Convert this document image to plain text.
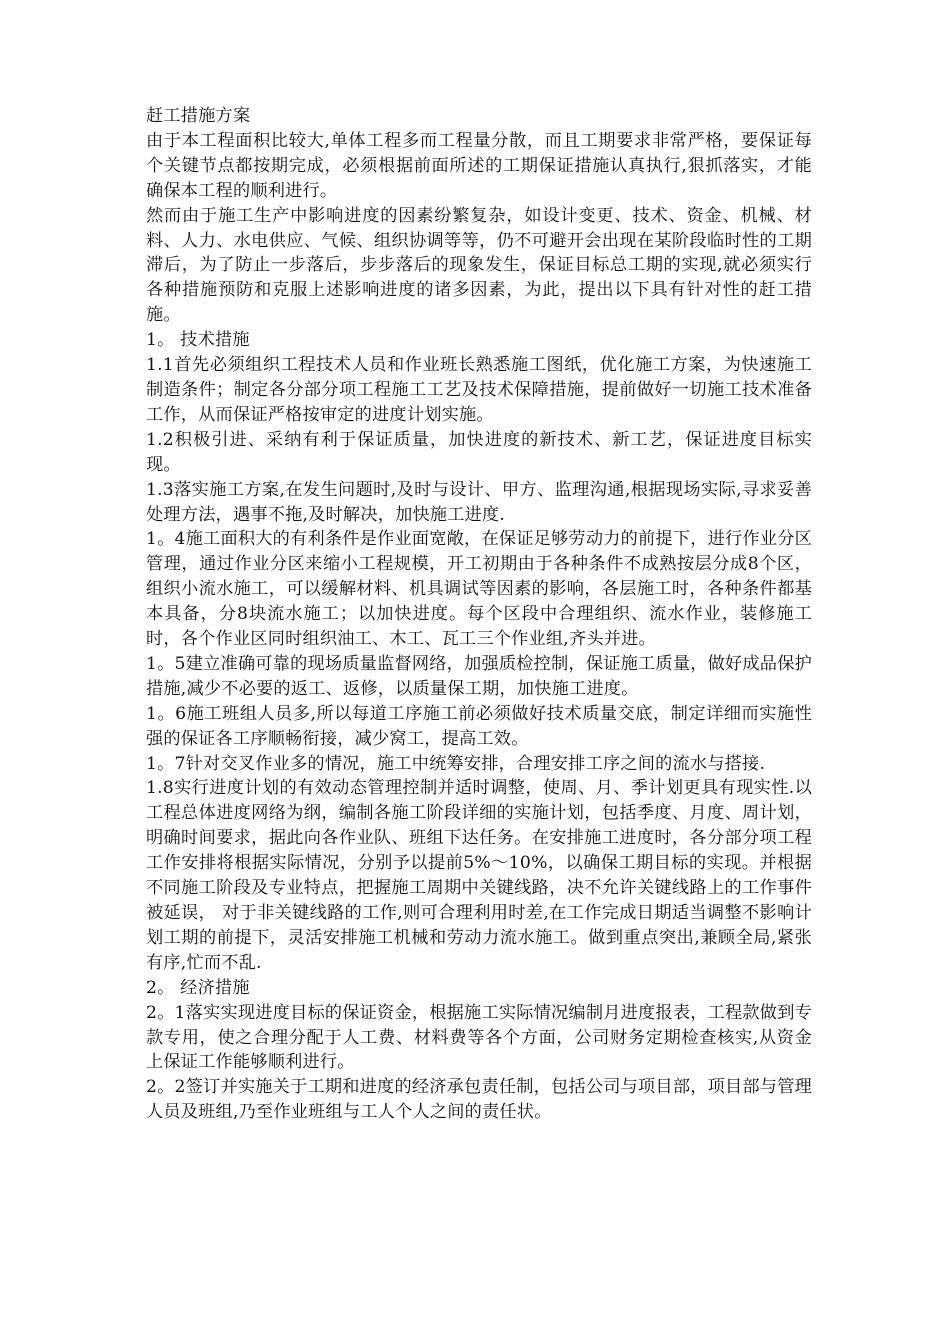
赶工措施方案

由于本工程面积比较大,单体工程多而工程量分散，而且工期要求非常严格，要保证每个关键节点都按期完成，必须根据前面所述的工期保证措施认真执行,狠抓落实，才能确保本工程的顺利进行。

然而由于施工生产中影响进度的因素纷繁复杂，如设计变更、技术、资金、机械、材料、人力、水电供应、气候、组织协调等等，仍不可避开会出现在某阶段临时性的工期滞后，为了防止一步落后，步步落后的现象发生，保证目标总工期的实现,就必须实行各种措施预防和克服上述影响进度的诸多因素，为此，提出以下具有针对性的赶工措施。

1。 技术措施

1.1首先必须组织工程技术人员和作业班长熟悉施工图纸，优化施工方案，为快速施工制造条件；制定各分部分项工程施工工艺及技术保障措施，提前做好一切施工技术准备工作，从而保证严格按审定的进度计划实施。

1.2积极引进、采纳有利于保证质量，加快进度的新技术、新工艺，保证进度目标实现。

1.3落实施工方案,在发生问题时,及时与设计、甲方、监理沟通,根据现场实际,寻求妥善处理方法，遇事不拖,及时解决，加快施工进度.

1。4施工面积大的有利条件是作业面宽敞，在保证足够劳动力的前提下，进行作业分区管理，通过作业分区来缩小工程规模，开工初期由于各种条件不成熟按层分成8个区，组织小流水施工，可以缓解材料、机具调试等因素的影响，各层施工时，各种条件都基本具备，分8块流水施工；以加快进度。每个区段中合理组织、流水作业，装修施工时，各个作业区同时组织油工、木工、瓦工三个作业组,齐头并进。

1。5建立准确可靠的现场质量监督网络，加强质检控制，保证施工质量，做好成品保护措施,减少不必要的返工、返修，以质量保工期，加快施工进度。

1。6施工班组人员多,所以每道工序施工前必须做好技术质量交底，制定详细而实施性强的保证各工序顺畅衔接，减少窝工，提高工效。

1。7针对交叉作业多的情况，施工中统筹安排，合理安排工序之间的流水与搭接.

1.8实行进度计划的有效动态管理控制并适时调整，使周、月、季计划更具有现实性.以工程总体进度网络为纲，编制各施工阶段详细的实施计划，包括季度、月度、周计划，明确时间要求，据此向各作业队、班组下达任务。在安排施工进度时，各分部分项工程工作安排将根据实际情况，分别予以提前5%～10%，以确保工期目标的实现。并根据不同施工阶段及专业特点，把握施工周期中关键线路，决不允许关键线路上的工作事件被延误， 对于非关键线路的工作,则可合理利用时差,在工作完成日期适当调整不影响计划工期的前提下，灵活安排施工机械和劳动力流水施工。做到重点突出,兼顾全局,紧张有序,忙而不乱.

2。 经济措施

2。1落实实现进度目标的保证资金，根据施工实际情况编制月进度报表，工程款做到专款专用，使之合理分配于人工费、材料费等各个方面，公司财务定期检查核实,从资金上保证工作能够顺利进行。

2。2签订并实施关于工期和进度的经济承包责任制，包括公司与项目部，项目部与管理人员及班组,乃至作业班组与工人个人之间的责任状。
